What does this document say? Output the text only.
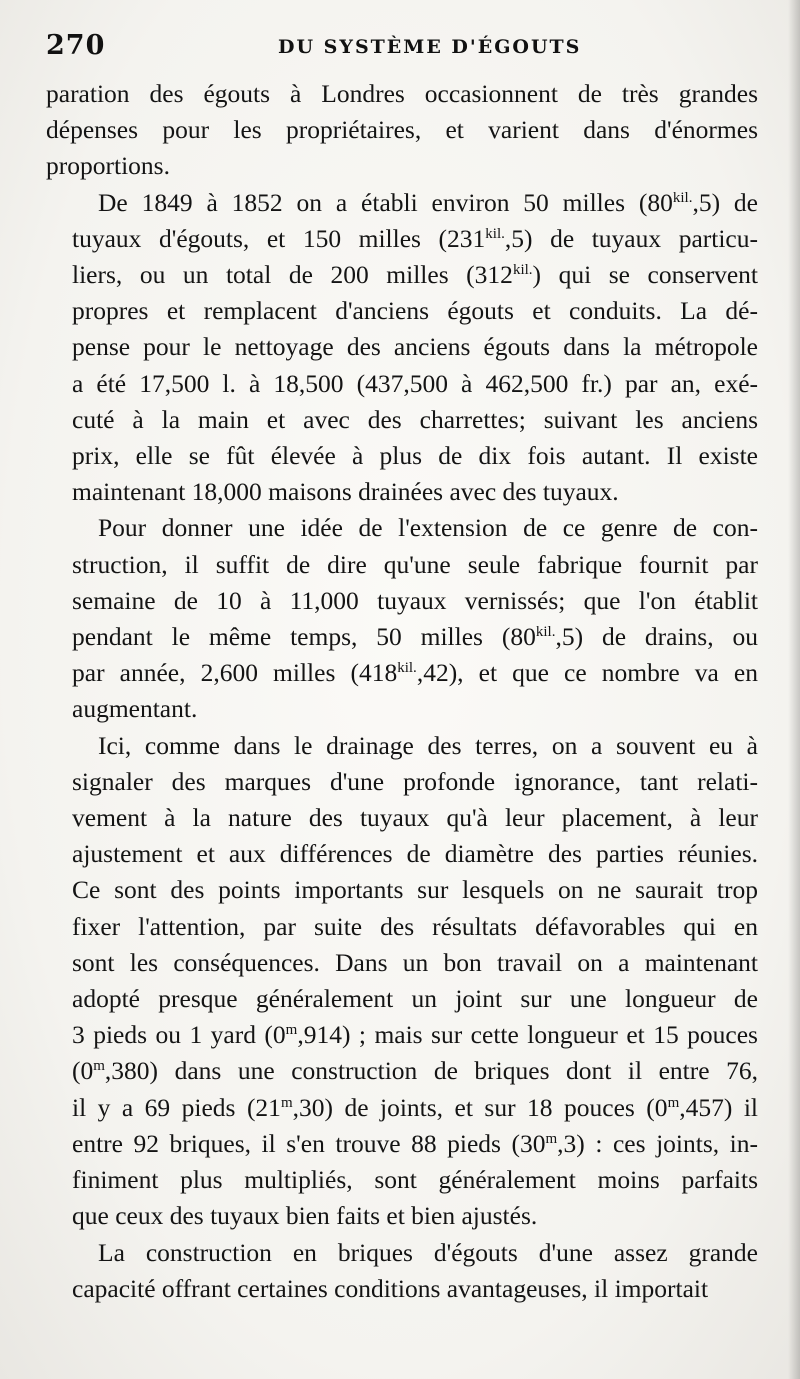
270	DU SYSTÈME D'ÉGOUTS

paration des égouts à Londres occasionnent de très grandes
dépenses pour les propriétaires, et varient dans d'énormes
proportions.

De 1849 à 1852 on a établi environ 50 milles $(80^{kil.},5)$ de
tuyaux d'égouts, et 150 milles $(231^{kil.},5)$ de tuyaux particu-
liers, ou un total de 200 milles $(312^{kil.})$ qui se conservent
propres et remplacent d'anciens égouts et conduits. La dé-
pense pour le nettoyage des anciens égouts dans la métropole
a été 17,500 l. à 18,500 (437,500 à 462,500 fr.) par an, exé-
cuté à la main et avec des charrettes; suivant les anciens
prix, elle se fût élevée à plus de dix fois autant. Il existe
maintenant 18,000 maisons drainées avec des tuyaux.

Pour donner une idée de l'extension de ce genre de con-
struction, il suffit de dire qu'une seule fabrique fournit par
semaine de 10 à 11,000 tuyaux vernissés; que l'on établit
pendant le même temps, 50 milles $(80^{kil.},5)$ de drains, ou
par année, 2,600 milles $(418^{kil.},42)$, et que ce nombre va en
augmentant.

Ici, comme dans le drainage des terres, on a souvent eu à
signaler des marques d'une profonde ignorance, tant relati-
vement à la nature des tuyaux qu'à leur placement, à leur
ajustement et aux différences de diamètre des parties réunies.
Ce sont des points importants sur lesquels on ne saurait trop
fixer l'attention, par suite des résultats défavorables qui en
sont les conséquences. Dans un bon travail on a maintenant
adopté presque généralement un joint sur une longueur de
3 pieds ou 1 yard (0$^m$,914) ; mais sur cette longueur et 15 pouces
(0$^m$,380) dans une construction de briques dont il entre 76,
il y a 69 pieds (21$^m$,30) de joints, et sur 18 pouces (0$^m$,457) il
entre 92 briques, il s'en trouve 88 pieds (30$^m$,3) : ces joints, in-
finiment plus multipliés, sont généralement moins parfaits
que ceux des tuyaux bien faits et bien ajustés.

La construction en briques d'égouts d'une assez grande
capacité offrant certaines conditions avantageuses, il importait
